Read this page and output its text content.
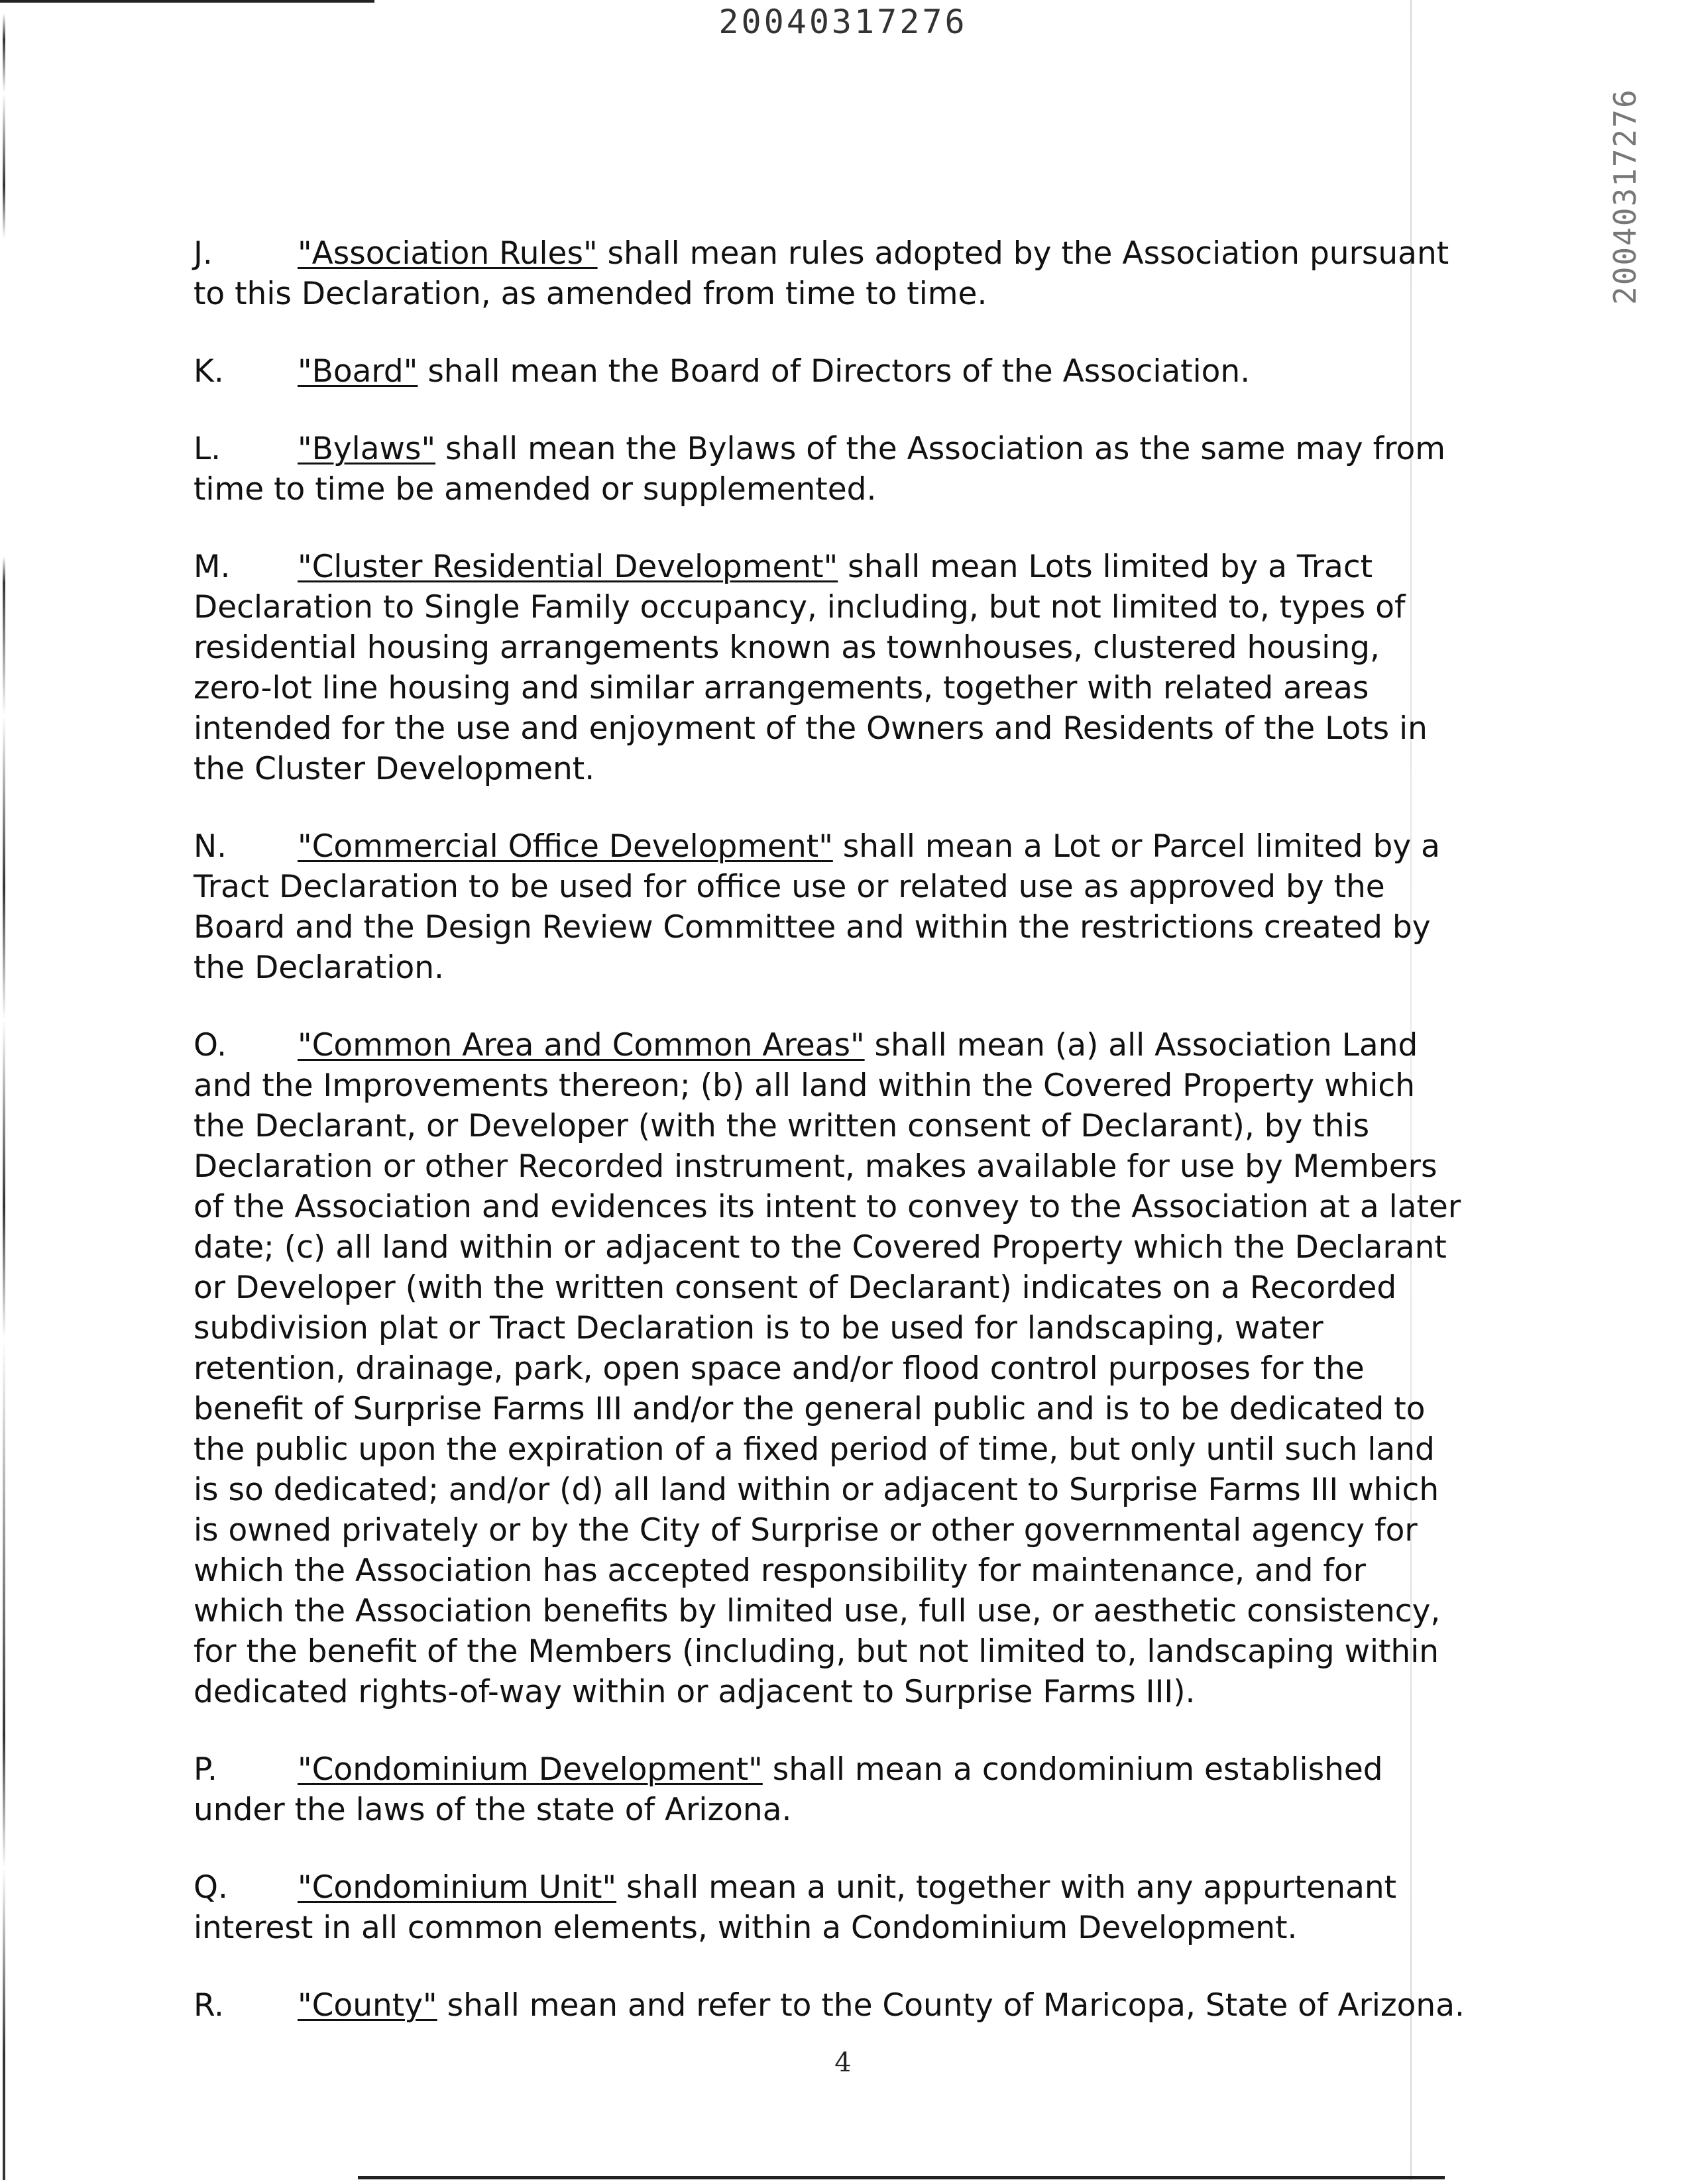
20040317276
20040317276

J.	"Association Rules" shall mean rules adopted by the Association pursuant to this Declaration, as amended from time to time.

K. "Board" shall mean the Board of Directors of the Association.

L. "Bylaws" shall mean the Bylaws of the Association as the same may from time to time be amended or supplemented.

M. "Cluster Residential Development" shall mean Lots limited by a Tract Declaration to Single Family occupancy, including, but not limited to, types of residential housing arrangements known as townhouses, clustered housing, zero-lot line housing and similar arrangements, together with related areas intended for the use and enjoyment of the Owners and Residents of the Lots in the Cluster Development.

N. "Commercial Office Development" shall mean a Lot or Parcel limited by a Tract Declaration to be used for office use or related use as approved by the Board and the Design Review Committee and within the restrictions created by the Declaration.

O. "Common Area and Common Areas" shall mean (a) all Association Land and the Improvements thereon; (b) all land within the Covered Property which the Declarant, or Developer (with the written consent of Declarant), by this Declaration or other Recorded instrument, makes available for use by Members of the Association and evidences its intent to convey to the Association at a later date; (c) all land within or adjacent to the Covered Property which the Declarant or Developer (with the written consent of Declarant) indicates on a Recorded subdivision plat or Tract Declaration is to be used for landscaping, water retention, drainage, park, open space and/or flood control purposes for the benefit of Surprise Farms III and/or the general public and is to be dedicated to the public upon the expiration of a fixed period of time, but only until such land is so dedicated; and/or (d) all land within or adjacent to Surprise Farms III which is owned privately or by the City of Surprise or other governmental agency for which the Association has accepted responsibility for maintenance, and for which the Association benefits by limited use, full use, or aesthetic consistency, for the benefit of the Members (including, but not limited to, landscaping within dedicated rights-of-way within or adjacent to Surprise Farms III).

P.	"Condominium Development" shall mean a condominium established under the laws of the state of Arizona.

Q. "Condominium Unit" shall mean a unit, together with any appurtenant interest in all common elements, within a Condominium Development.

R. "County" shall mean and refer to the County of Maricopa, State of Arizona.

4
